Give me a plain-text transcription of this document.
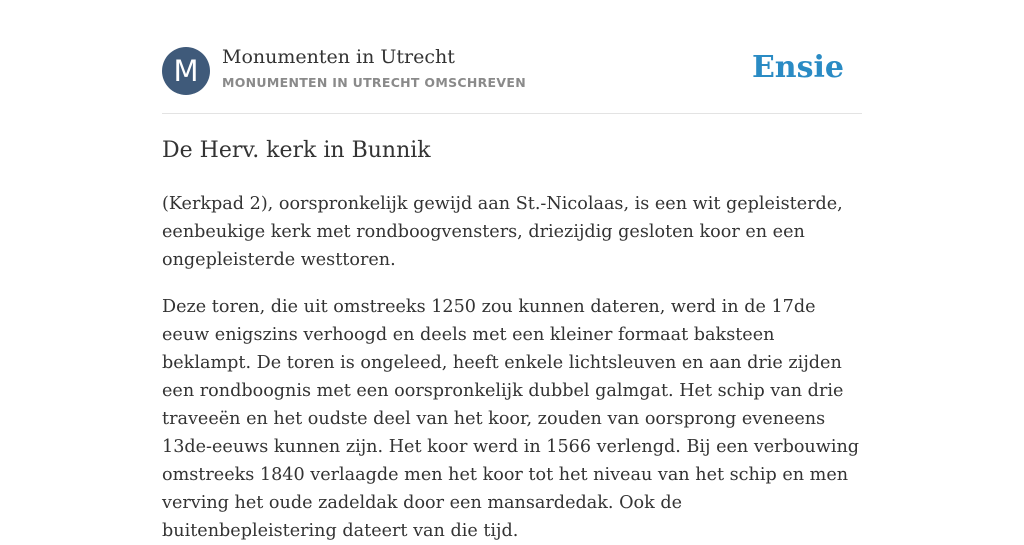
M	Monumenten in Utrecht
MONUMENTEN IN UTRECHT OMSCHREVEN	Ensie
De Herv. kerk in Bunnik

(Kerkpad 2), oorspronkelijk gewijd aan St.-Nicolaas, is een wit gepleisterde, eenbeukige kerk met rondboogvensters, driezijdig gesloten koor en een ongepleisterde westtoren.

Deze toren, die uit omstreeks 1250 zou kunnen dateren, werd in de 17de eeuw enigszins verhoogd en deels met een kleiner formaat baksteen beklampt. De toren is ongeleed, heeft enkele lichtsleuven en aan drie zijden een rondboognis met een oorspronkelijk dubbel galmgat. Het schip van drie traveeën en het oudste deel van het koor, zouden van oorsprong eveneens 13de-eeuws kunnen zijn. Het koor werd in 1566 verlengd. Bij een verbouwing omstreeks 1840 verlaagde men het koor tot het niveau van het schip en men verving het oude zadeldak door een mansardedak. Ook de buitenbepleistering dateert van die tijd.
